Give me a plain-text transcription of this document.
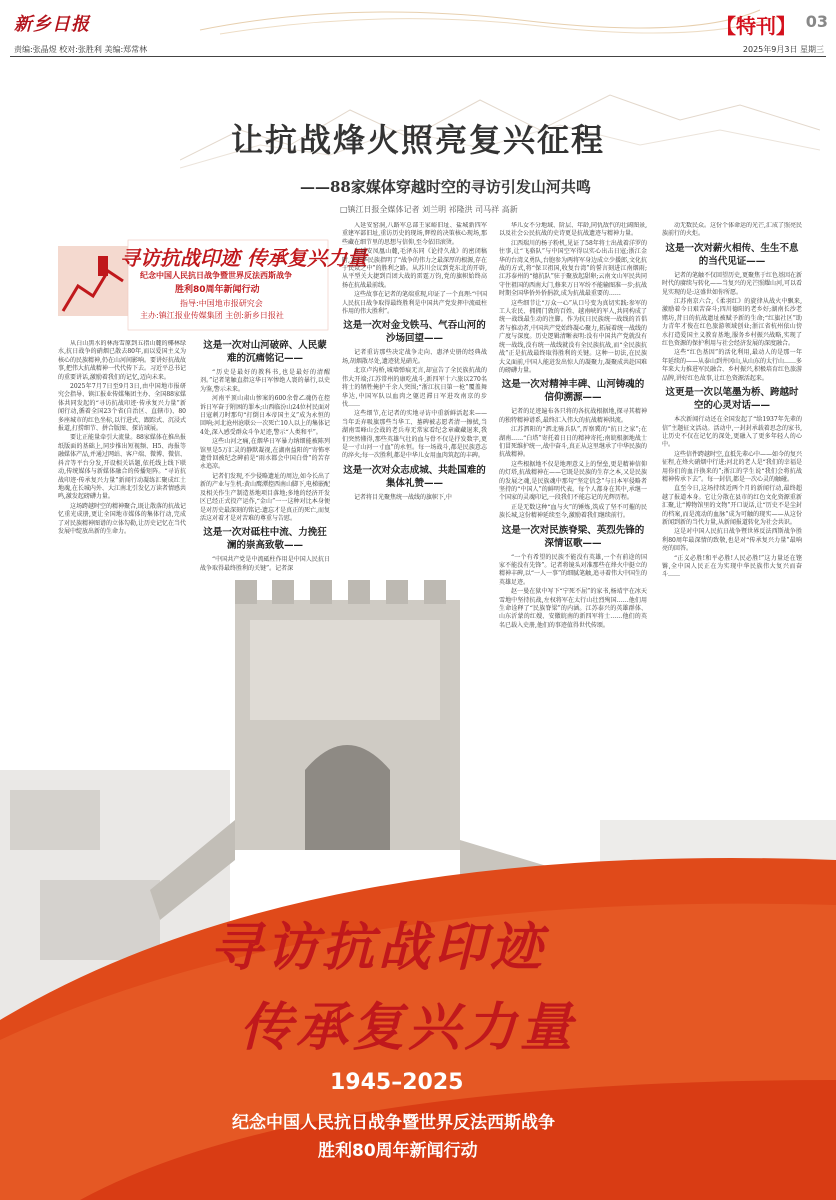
新乡日报	【特刊】 03
责编:张晶煜 校对:张胜利 美编:郑常林	2025年9月3日 星期三
让抗战烽火照亮复兴征程
——88家媒体穿越时空的寻访引发山河共鸣
□镇江日报全媒体记者 刘兰明 祁隆洪 司马祥 高新
寻访抗战印迹 传承复兴力量
纪念中国人民抗日战争暨世界反法西斯战争
胜利80周年新闻行动
指导:中国地市报研究会
主办:镇江报业传媒集团 主创:新乡日报社

从白山黑水的林海雪原到五指山麓的椰林绿水,抗日战争的硝烟已散去80年,而以爱国主义为核心的民族精神,仍在山河间影响。要讲好抗战故事,把伟大抗战精神一代代传下去。习近平总书记的重要讲话,激励着我们的记忆,迈向未来。

2025年7月7日至9月3日,由中国地市报研究会指导、镇江报业传媒集团主办、全国88家媒体共同发起的“寻访抗战印迹·传承复兴力量”新闻行动,循着全国23个省(自治区、直辖市)、80多座城市的红色坐标,以行进式、跟踪式、沉浸式报道,打捞细节、拼合版图、探访域展。

要让正能量牵引大流量。88家媒体在推出报纸版面的基础上,同步推出短视频、H5、海报等融媒体产品,并通过网站、客户端、微博、微信、抖音等平台分发,开设相关话题,依托线上线下联动,传统媒体与新媒体融合的传播矩阵。“寻访抗战印迹·传承复兴力量”新闻行动凝练汇聚成红土地魂,在长城内外、大江南北引发亿万读者情感共鸣,激发起磅礴力量。

这场跨越时空的精神聚合,既让散落的抗战记忆重光成册,更让全国地市媒体的集体行动,完成了对民族精神图谱的立体勾勒,让历史记忆在当代发展中绽放出新的生命力。

这是一次对山河破碎、人民蒙难的沉痛铭记——

“历史是最好的教科书,也是最好的清醒剂。”记者笔触直指这华日军惨绝人寰的暴行,以史为鉴,警示未来。

河南平顶山肃山惨案的600余骨乙魂仍在控诉日军奋于附困的罪本;山西临汾山24位村民面对日寇刺刀时那句“打倒日本帝国主义”成为永恒的回响;河北沧州沧联公一次死亡10人以上的集体记4处,深入感受群众斗争足迹,警示“人类和平”。

这些山河之痛,在烟华日军暴力纳细能被陈列馆里是5万汇灵的静默凝视,在湖南益阳的“寄怖枣遗骨回被纪念碑前是“雨水都会中国白骨”的苦存永追凉。

记者们发现,不少侵略遗址的周边,如今长出了新的产业与生机:黄山鹰潭控西南山脚下,电梯嵌配及相关作生产制造基地项目落地;多地的经济开发区已经正式投产运作,“金山”一一这种对比本身便是对历史最深刻的铭记:遗忘才是真正的死亡,而复活这对着才是对苦难的尊重与告慰。

这是一次对砥柱中流、力挽狂澜的崇高致敬——

“中国共产党是中流砥柱作用是中国人民抗日战争取得最终胜利的关键”。记者深

入延安窑洞,八路军总部王家峪旧址、盐城新四军重建军部旧址,重访历史的现场,辉煌的决策核心现场,那些藏在细节里的思想与信仰,至今依旧滚烫。

在延安凤凰山麓,毛泽东同《论持久战》的密闭稿时,为中华民族指明了“战争的伟力之最深厚的根源,存在于民众之中”的胜利之路。从苏川会议到党东北的开辟,从平型关大捷到百团大战的雷霆万钧,党的旗帜始终高扬在抗战最前线。

这些故事在记者的笔端重现,印证了一个真理:“中国人民抗日战争取得最终胜利是中国共产党发挥中流砥柱作用的伟大胜利”。

这是一次对金戈铁马、气吞山河的沙场回望——

记者重访那些决定战争走向、惠泽史册的经典战场,胡烟散尽处,遗迹犹见硝光。

北京卢沟桥,城墙弹痕无言,却宣告了全民族抗战的伟大开端;江苏常州的康吃战斗,新四军十六旅以270名将士的牺牲掩护千余人突围;“浙江抗日第一枪”覆盖舞华达,中国军队以血肉之躯迟滞日军进攻南京的步伐……

这些细节,在记者的实地寻访中重新鲜活起来——当年丢弃吸旗那些当华工、墓碑被志愿者清一擦拭,当湖南雪峰山会战的老兵寿无常家看纪念章藏藏退来,我们突然懂得,那些英雄气壮的血与骨不仅是抒发数字,更是一寸山河一寸血”的永恒。每一场战斗,都是民族意志的淬火;每一次胜利,都是中华儿女用血肉筑起的丰碑。

这是一次对众志成城、共赴国难的集体礼赞——

记者将目光聚焦统一战线的旗帜下,中

华儿女不分地域、阶层、年龄,同仇敌忾的壮阔图景,以及社会公民抗战的史诗更是抗战遗迹与精神力量。

江西瑞川的杨子粉机,见证了58年将士出战着洋罗的往事,让“飞骆队”与中国空军得以实心出击日寇;浙江金华的台湾义勇队,台胞参为两将军身边成立少援郎,文化抗战的方式,将“保卫祖国,收复台湾”的誓言刻进江南烟雨;江苏泰州的“德抗队”驻于聚放起甜卵;云南文山军民共同守住祖国的西南大门,修来万日军纷不能输图准一步;抗战时期全国华侨外侨捐款,成为抗战最重要的……

这些细节让“万众一心”从口号变为真切实践:参军的工人农民、拥拥门敦的百姓、越南峡的军人,共同构成了统一战线最生动的注脚。作为抗日民族统一战线的首倡者与推动者,中国共产党始终凝心聚力,拓展着统一战线的广度与深度。历史逻辑清晰表明:没有中国共产党就没有统一战线,没有统一战线就没有全民族抗战,而“全民族抗战”正是抗战最终取得胜利的关键。这种一切法,在民族大义面前,中国人能迸发出惊人的凝聚力,凝聚成共赴国难的磅礴力量。

这是一次对精神丰碑、山河铸魂的信仰溯源——

记者的足迹遍布各只将的各抗战根据地,探寻其精神的独特精神谱系,最终汇入伟大的抗战精神洪流。

江苏泗阳的“泗北骑兵队”,晋察冀的“抗日之家”;在湖南……“白塔”寄托着日日的精神寄托;南皖根据地战士们冒死维护统一,战中奋斗,真正从这里继承了中华民族的抗战精神。

这些根据地不仅是地理意义上的堡垒,更是精神信仰的灯塔,抗战精神在——它既是民族的生存之本,又是民族的发展之魂,是民族魂中那句“坚定信念”与日本军侵略者坚持的“中国人”的鲜明代表。每个人都身在其中,承继一个国家的灵魂印记,一段我们不能忘记的光辉历程。

正是无数这种“血与火”的锤炼,筑成了坚不可摧的民族长城,这份精神延续至今,激励着我们继续前行。

这是一次对民族脊梁、英烈先锋的深情讴歌——

“一个有希望的民族不能没有英雄,一个有前途的国家不能没有先锋”。记者将镜头对准那些在烽火中挺立的精神丰碑,以“一人一事”的细腻笔触,追寻着伟大中国生的英雄足迹。

赵一曼在狱中写下“宁死不屈”的家书,杨靖宇在冰天雪地中坚持抗战,左权将军在太行山壮烈殉国……他们用生命诠释了“民族脊梁”的内涵。江苏泰兴的英雄群体、山东沂蒙的红嫂、安徽皖南的新四军将士……他们的英名已载入史册,他们的事迹值得世代传颂。

动无数民众。这份个体命运的光芒,汇成了照亮民族前行的火炬。

这是一次对薪火相传、生生不息的当代见证——

记者的笔触不仅回望历史,更聚焦于红色基因在新时代的赓续与转化——当复兴的光芒照耀山河,可以看见实现的是:这盛世如你所愿。

江苏南京六合,《柔羽红》的旋律从战火中飘来,激励着今日艰苦奋斗;四川德阳的老乡好;湖南长沙老赌坊,昔日的抗战遗址被赋予新的生命;“红旗社区”助力青年才俊在红色旅游领域创业;浙江省杭州依山傍水打造爱国主义教育基地,服务乡村振兴战略,实现了红色资源的保护利用与社会经济发展的深度融合。

这些“红色基因”的活化利用,最动人的是那一年年延续的——从泰山到井冈山,从山东的太行山……多年来大力推进军民融合、乡村振兴,积极培育红色旅游品牌,讲好红色故事,让红色资源活起来。

这更是一次以笔墨为桥、跨越时空的心灵对话——

本次新闻行动还在全国发起了“给1937年先辈的信”主题征文活动。活动中,一封封承载着思念的家书,让历史不仅在记忆的深处,更融入了更多年轻人的心中。

这些信件跨越时空,直抵先辈心中——如今的复兴征程,在烽火硝烟中行进;河北的老人是“我们的幸福是用你们的血汗换来的”;浙江的学生说“我们会将抗战精神传承下去”。每一封信,都是一次心灵的触碰。

直至今日,这场持续近两个月的新闻行动,最终超越了报道本身。它让分散在县市的红色文化资源重新汇聚,让“博物馆里的文物”开口说话,让“历史不是尘封的档案,而是流动的血脉”成为可触的现实——从这份新闻到新的当代力量,从新闻报道转化为社会共识。

这是对中国人民抗日战争暨世界反法西斯战争胜利80周年最深情的致敬,也是对“传承复兴力量”最响亮的回答。

“正义必胜!和平必胜!人民必胜!”这力量还在铿锵,全中国人民正在为实现中华民族伟大复兴而奋斗……

寻访抗战印迹
传承复兴力量
1945–2025
纪念中国人民抗日战争暨世界反法西斯战争
胜利80周年新闻行动
